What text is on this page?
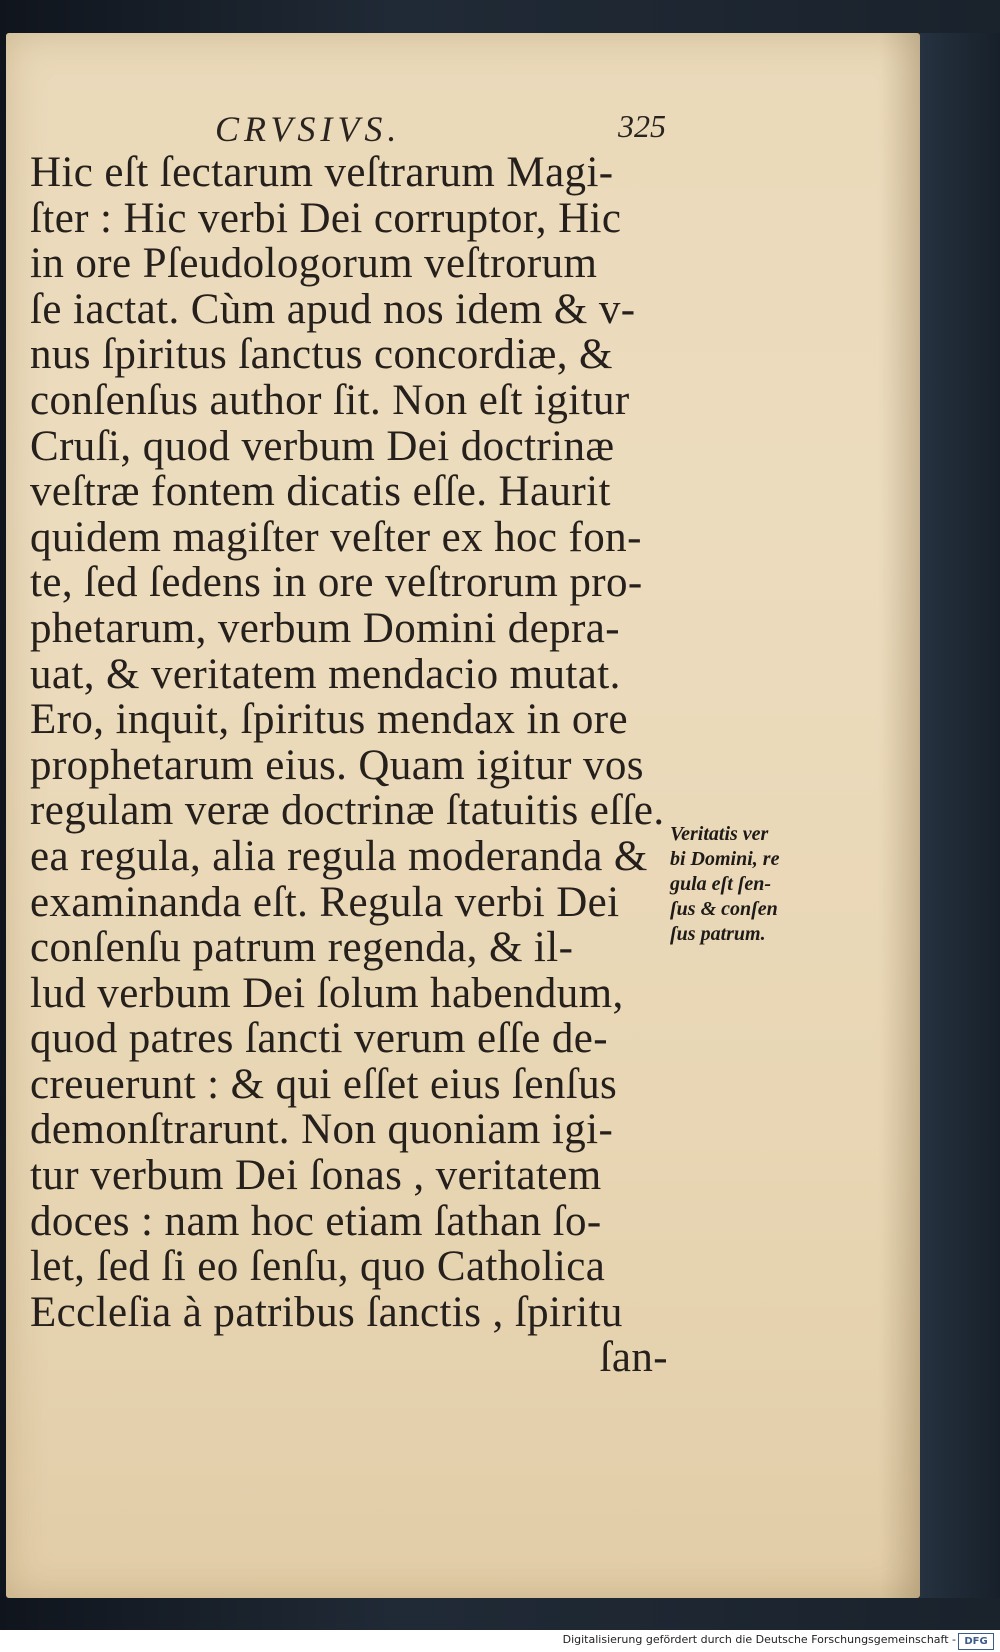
CRVSIVS.	325
Hic eſt ſectarum veſtrarum Magi-
ſter : Hic verbi Dei corruptor, Hic
in ore Pſeudologorum veſtrorum
ſe iactat. Cùm apud nos idem & v-
nus ſpiritus ſanctus concordiæ, &
conſenſus author ſit. Non eſt igitur
Cruſi, quod verbum Dei doctrinæ
veſtræ fontem dicatis eſſe. Haurit
quidem magiſter veſter ex hoc fon-
te, ſed ſedens in ore veſtrorum pro-
phetarum, verbum Domini depra-
uat, & veritatem mendacio mutat.
Ero, inquit, ſpiritus mendax in ore
prophetarum eius. Quam igitur vos
regulam veræ doctrinæ ſtatuitis eſſe.
ea regula, alia regula moderanda &
examinanda eſt. Regula verbi Dei
conſenſu patrum regenda, & il-
lud verbum Dei ſolum habendum,
quod patres ſancti verum eſſe de-
creuerunt : & qui eſſet eius ſenſus
demonſtrarunt. Non quoniam igi-
tur verbum Dei ſonas , veritatem
doces : nam hoc etiam ſathan ſo-
let, ſed ſi eo ſenſu, quo Catholica
Eccleſia à patribus ſanctis , ſpiritu
ſan-
Veritatis ver
bi Domini, re
gula eſt ſen-
ſus & conſen
ſus patrum.
Digitalisierung gefördert durch die Deutsche Forschungsgemeinschaft - DFG
